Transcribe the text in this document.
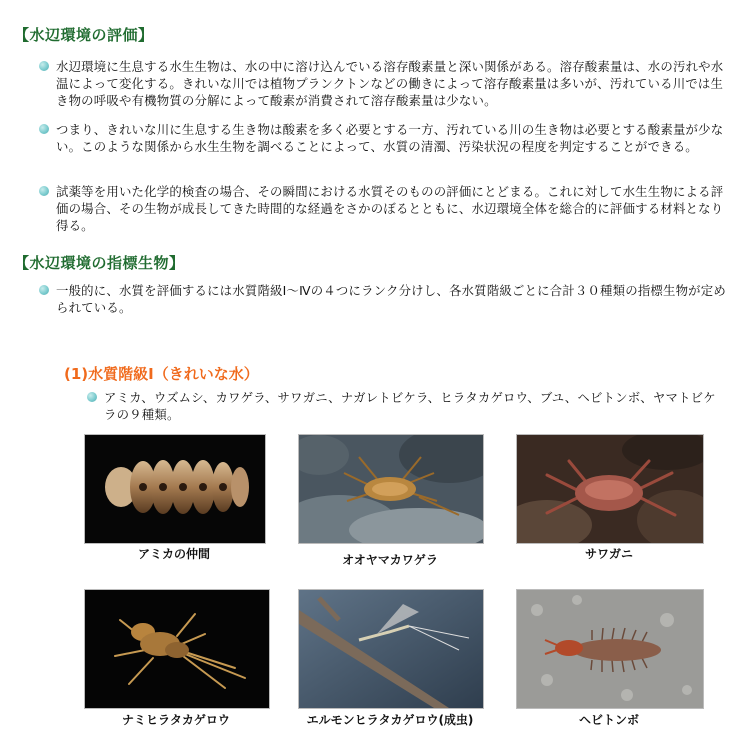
【水辺環境の評価】
水辺環境に生息する水生生物は、水の中に溶け込んでいる溶存酸素量と深い関係がある。溶存酸素量は、水の汚れや水温によって変化する。きれいな川では植物プランクトンなどの働きによって溶存酸素量は多いが、汚れている川では生き物の呼吸や有機物質の分解によって酸素が消費されて溶存酸素量は少ない。
つまり、きれいな川に生息する生き物は酸素を多く必要とする一方、汚れている川の生き物は必要とする酸素量が少ない。このような関係から水生生物を調べることによって、水質の清濁、汚染状況の程度を判定することができる。
試薬等を用いた化学的検査の場合、その瞬間における水質そのものの評価にとどまる。これに対して水生生物による評価の場合、その生物が成長してきた時間的な経過をさかのぼるとともに、水辺環境全体を総合的に評価する材料となり得る。
【水辺環境の指標生物】
一般的に、水質を評価するには水質階級Ⅰ～Ⅳの４つにランク分けし、各水質階級ごとに合計３０種類の指標生物が定められている。
(1)水質階級Ⅰ（きれいな水）
アミカ、ウズムシ、カワゲラ、サワガニ、ナガレトビケラ、ヒラタカゲロウ、ブユ、ヘビトンボ、ヤマトビケラの９種類。
アミカの仲間	オオヤマカワゲラ	サワガニ
ナミヒラタカゲロウ	エルモンヒラタカゲロウ(成虫)	ヘビトンボ
